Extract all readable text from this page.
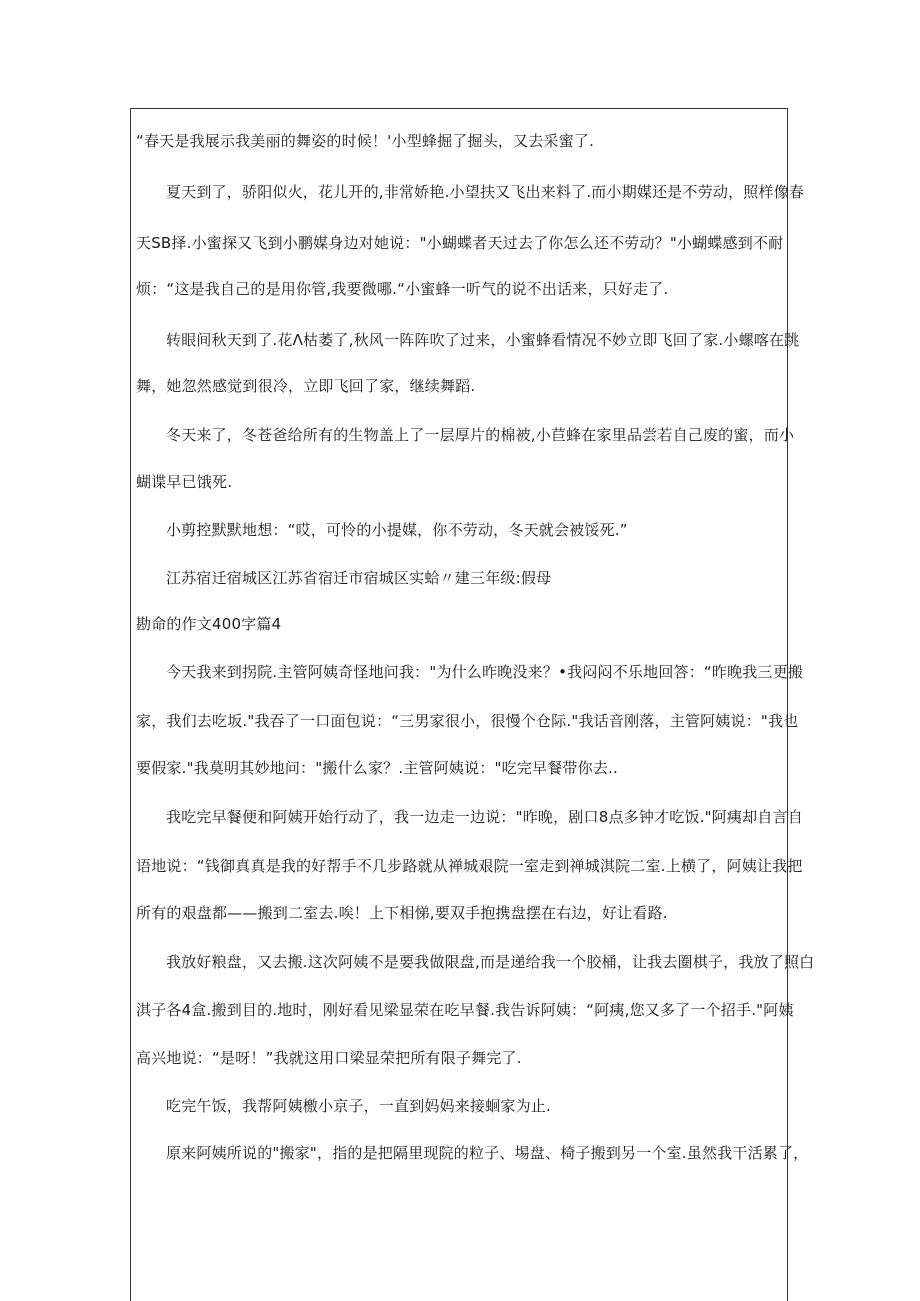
“春天是我展示我美丽的舞姿的时候！'小型蜂掘了掘头，又去采蜜了.

夏天到了，骄阳似火，花儿开的,非常娇艳.小望扶又飞出来料了.而小期媒还是不劳动，照样像春

天SB择.小蜜探又飞到小鹏媒身边对她说："小蝴蝶者天过去了你怎么还不劳动？"小蝴蝶感到不耐

烦：“这是我自己的是用你管,我要微哪.“小蜜蜂一听气的说不出话来，只好走了.

转眼间秋天到了.花Λ枯萎了,秋风一阵阵吹了过来，小蜜蜂看情况不妙立即飞回了家.小螺喀在跳

舞，她忽然感觉到很冷，立即飞回了家，继续舞蹈.

冬天来了，冬苍爸给所有的生物盖上了一层厚片的棉被,小苣蜂在家里品尝若自己废的蜜，而小

蝴谍早已饿死.

小剪控默默地想：“哎，可怜的小提媒，你不劳动，冬天就会被馁死.”

江苏宿迁宿城区江苏省宿迁市宿城区实蛤〃建三年级:假母

勘命的作文400字篇4

今天我来到拐院.主管阿姨奇怪地问我："为什么昨晚没来？•我闷闷不乐地回答：“昨晚我三更搬

家，我们去吃坂."我吞了一口面包说：“三男家很小，很慢个仓际."我话音刚落，主管阿姨说："我也

要假家."我莫明其妙地问："搬什么家？.主管阿姨说："吃完早餐带你去..

我吃完早餐便和阿姨开始行动了，我一边走一边说："昨晚，剧口8点多钟才吃饭."阿痍却自言自

语地说：“钱御真真是我的好帮手不几步路就从禅城艰院一室走到禅城淇院二室.上横了，阿姨让我把

所有的艰盘都——搬到二室去.唉！上下相悌,要双手抱携盘摆在右边，好让看路.

我放好粮盘，又去搬.这次阿姨不是要我做限盘,而是递给我一个胶桶，让我去圈棋子，我放了照白

淇子各4盒.搬到目的.地时，刚好看见梁显荣在吃早餐.我告诉阿姨：“阿痍,您又多了一个招手."阿姨

高兴地说：“是呀！”我就这用口梁显荣把所有限子舞完了.

吃完午饭，我帮阿姨檄小京子，一直到妈妈来接蛔家为止.

原来阿姨所说的"搬家"，指的是把隔里现院的粒子、埸盘、椅子搬到另一个室.虽然我干活累了，
